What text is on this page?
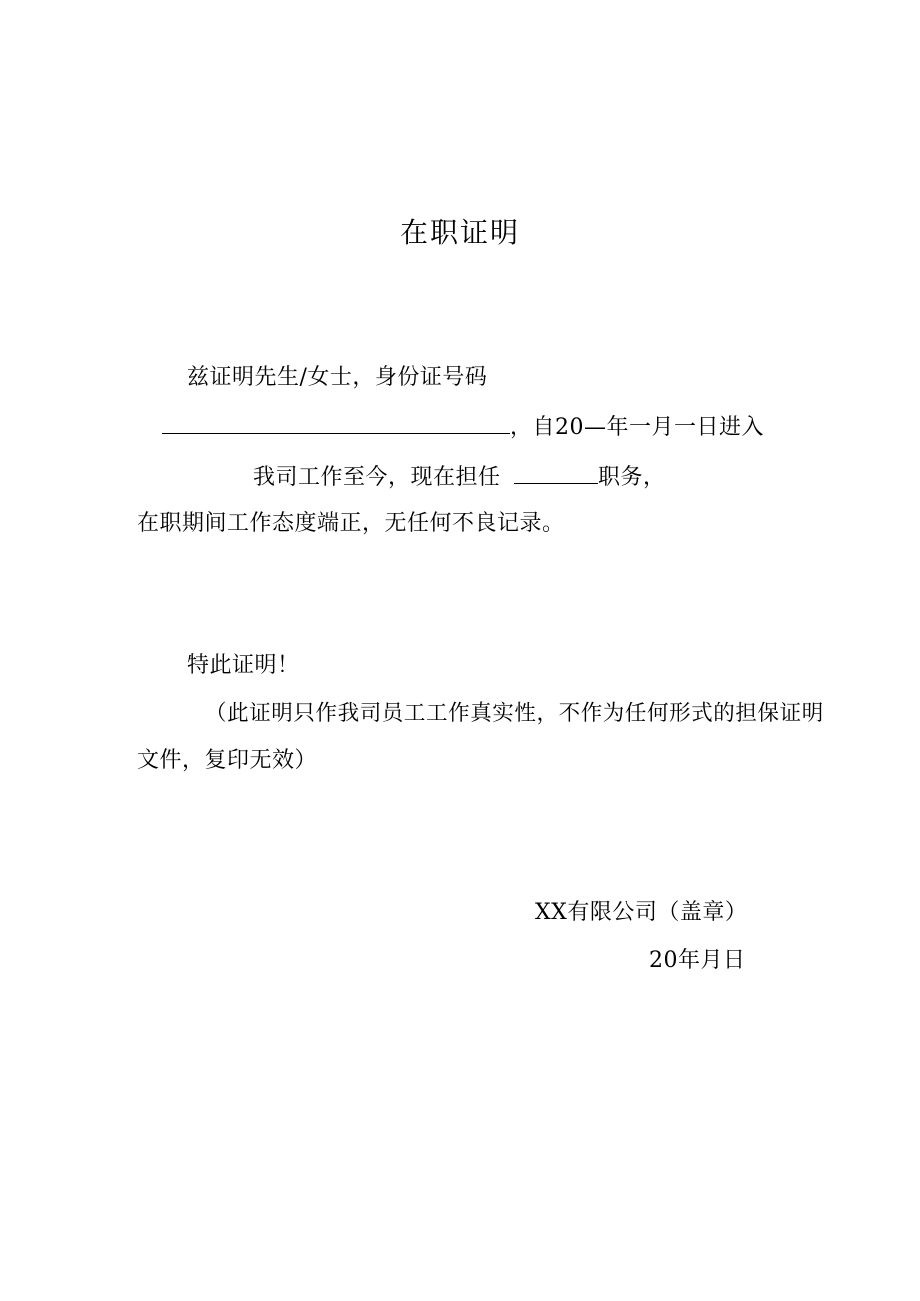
在职证明
兹证明先生/女士，身份证号码
，自20—年一月一日进入
我司工作至今，现在担任	职务，
在职期间工作态度端正，无任何不良记录。
特此证明！
（此证明只作我司员工工作真实性，不作为任何形式的担保证明
文件，复印无效）
XX有限公司（盖章）
20年月日
